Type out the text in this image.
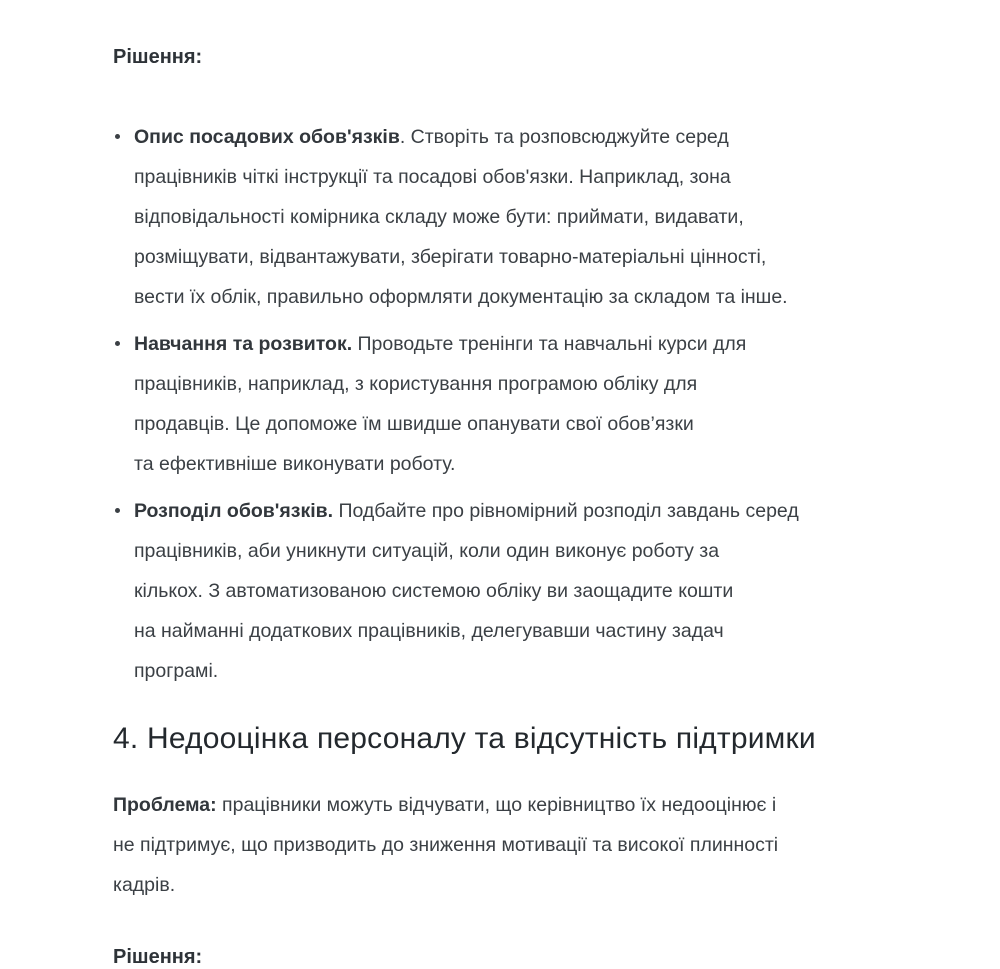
Рішення:
Опис посадових обов'язків. Створіть та розповсюджуйте серед
працівників чіткі інструкції та посадові обов'язки. Наприклад, зона
відповідальності комірника складу може бути: приймати, видавати,
розміщувати, відвантажувати, зберігати товарно-матеріальні цінності,
вести їх облік, правильно оформляти документацію за складом та інше.
Навчання та розвиток. Проводьте тренінги та навчальні курси для
працівників, наприклад, з користування програмою обліку для
продавців. Це допоможе їм швидше опанувати свої обов’язки
та ефективніше виконувати роботу.
Розподіл обов'язків. Подбайте про рівномірний розподіл завдань серед
працівників, аби уникнути ситуацій, коли один виконує роботу за
кількох. З автоматизованою системою обліку ви заощадите кошти
на найманні додаткових працівників, делегувавши частину задач
програмі.
4. Недооцінка персоналу та відсутність підтримки

Проблема: працівники можуть відчувати, що керівництво їх недооцінює і
не підтримує, що призводить до зниження мотивації та високої плинності
кадрів.

Рішення:
